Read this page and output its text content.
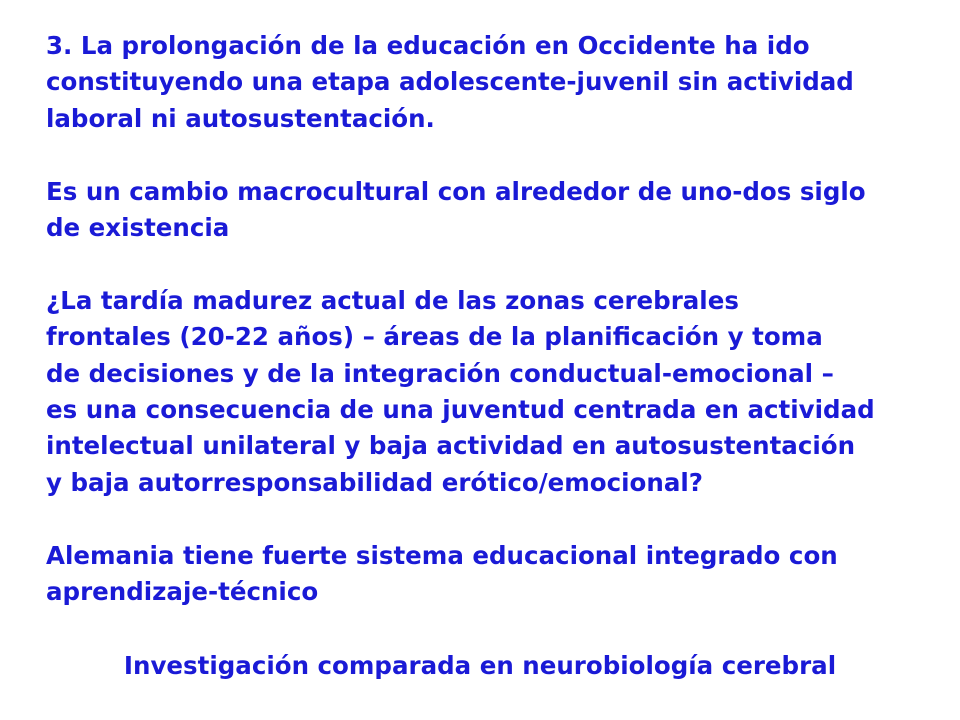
3. La prolongación de la educación en Occidente ha ido
constituyendo una etapa adolescente-juvenil sin actividad
laboral ni autosustentación.

Es un cambio macrocultural con alrededor de uno-dos siglo
de existencia

¿La tardía madurez actual de las zonas cerebrales
frontales (20-22 años) – áreas de la planificación y toma
de decisiones y de la integración conductual-emocional –
es una consecuencia de una juventud centrada en actividad
intelectual unilateral y baja actividad en autosustentación
y baja autorresponsabilidad erótico/emocional?

Alemania tiene fuerte sistema educacional integrado con
aprendizaje-técnico

Investigación comparada en neurobiología cerebral
